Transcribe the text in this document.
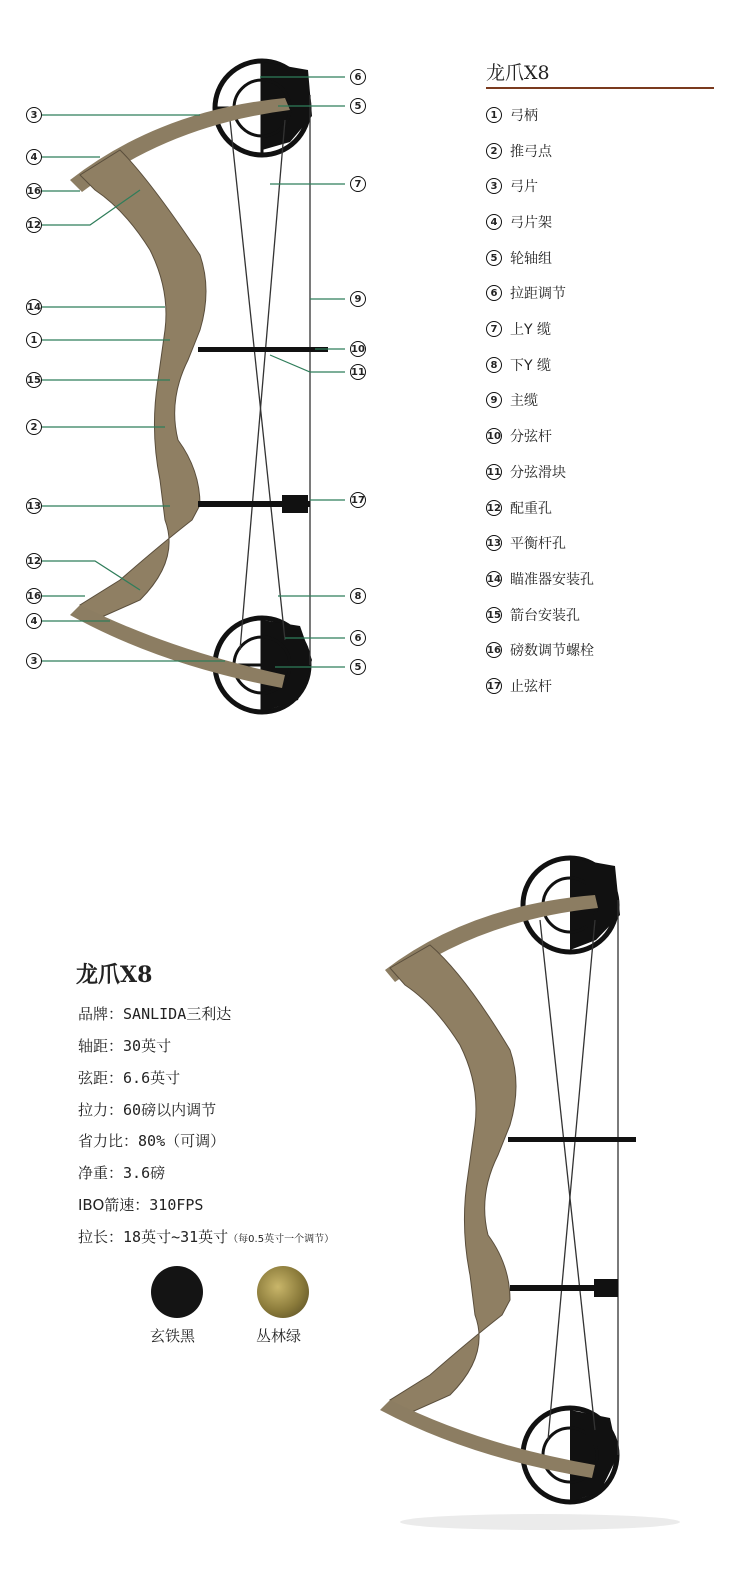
3
4
16
12
14
1
15
2
13
12
16
4
3
6
5
7
9
10
11
17
8
6
5
龙爪X8
1 弓柄
2 推弓点
3 弓片
4 弓片架
5 轮轴组
6 拉距调节
7 上Y 缆
8 下Y 缆
9 主缆
10 分弦杆
11 分弦滑块
12 配重孔
13 平衡杆孔
14 瞄准器安装孔
15 箭台安装孔
16 磅数调节螺栓
17 止弦杆
龙爪X8
品牌：SANLIDA三利达
轴距：30英寸
弦距：6.6英寸
拉力：60磅以内调节
省力比：80%（可调）
净重：3.6磅
IBO箭速：310FPS
拉长：18英寸~31英寸（每0.5英寸一个调节）
玄铁黑	丛林绿
